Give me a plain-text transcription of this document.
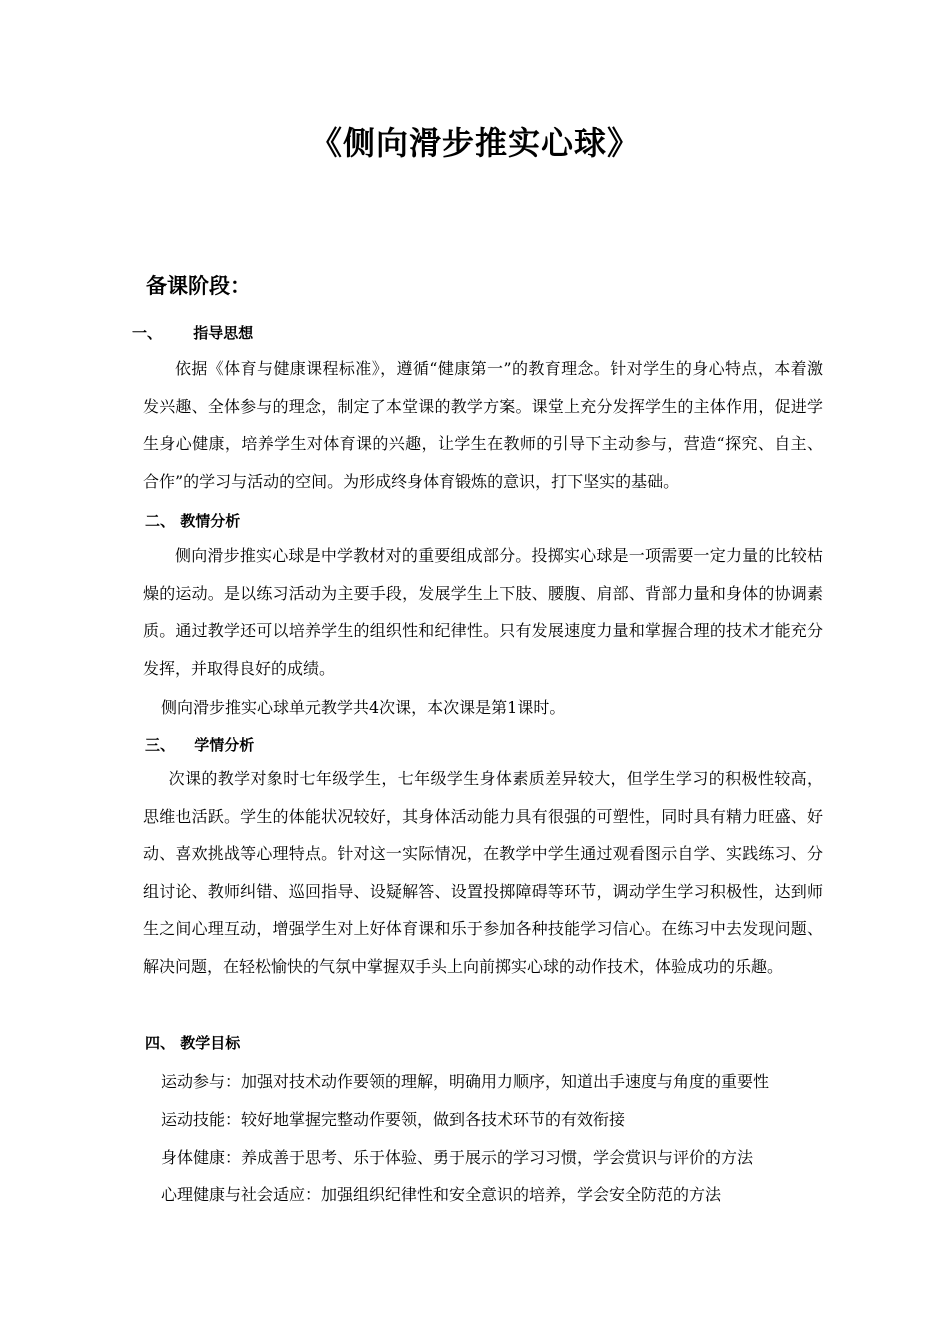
《侧向滑步推实心球》
备课阶段：
一、 指导思想

依据《体育与健康课程标准》，遵循“健康第一”的教育理念。针对学生的身心特点，本着激发兴趣、全体参与的理念，制定了本堂课的教学方案。课堂上充分发挥学生的主体作用，促进学生身心健康，培养学生对体育课的兴趣，让学生在教师的引导下主动参与，营造“探究、自主、合作”的学习与活动的空间。为形成终身体育锻炼的意识，打下坚实的基础。

二、 教情分析

侧向滑步推实心球是中学教材对的重要组成部分。投掷实心球是一项需要一定力量的比较枯燥的运动。是以练习活动为主要手段，发展学生上下肢、腰腹、肩部、背部力量和身体的协调素质。通过教学还可以培养学生的组织性和纪律性。只有发展速度力量和掌握合理的技术才能充分发挥，并取得良好的成绩。

侧向滑步推实心球单元教学共4次课，本次课是第1课时。
三、 学情分析

次课的教学对象时七年级学生，七年级学生身体素质差异较大，但学生学习的积极性较高，思维也活跃。学生的体能状况较好，其身体活动能力具有很强的可塑性，同时具有精力旺盛、好动、喜欢挑战等心理特点。针对这一实际情况，在教学中学生通过观看图示自学、实践练习、分组讨论、教师纠错、巡回指导、设疑解答、设置投掷障碍等环节，调动学生学习积极性，达到师生之间心理互动，增强学生对上好体育课和乐于参加各种技能学习信心。在练习中去发现问题、解决问题，在轻松愉快的气氛中掌握双手头上向前掷实心球的动作技术，体验成功的乐趣。

四、 教学目标
运动参与：加强对技术动作要领的理解，明确用力顺序，知道出手速度与角度的重要性
运动技能：较好地掌握完整动作要领，做到各技术环节的有效衔接
身体健康：养成善于思考、乐于体验、勇于展示的学习习惯，学会赏识与评价的方法
心理健康与社会适应：加强组织纪律性和安全意识的培养，学会安全防范的方法
